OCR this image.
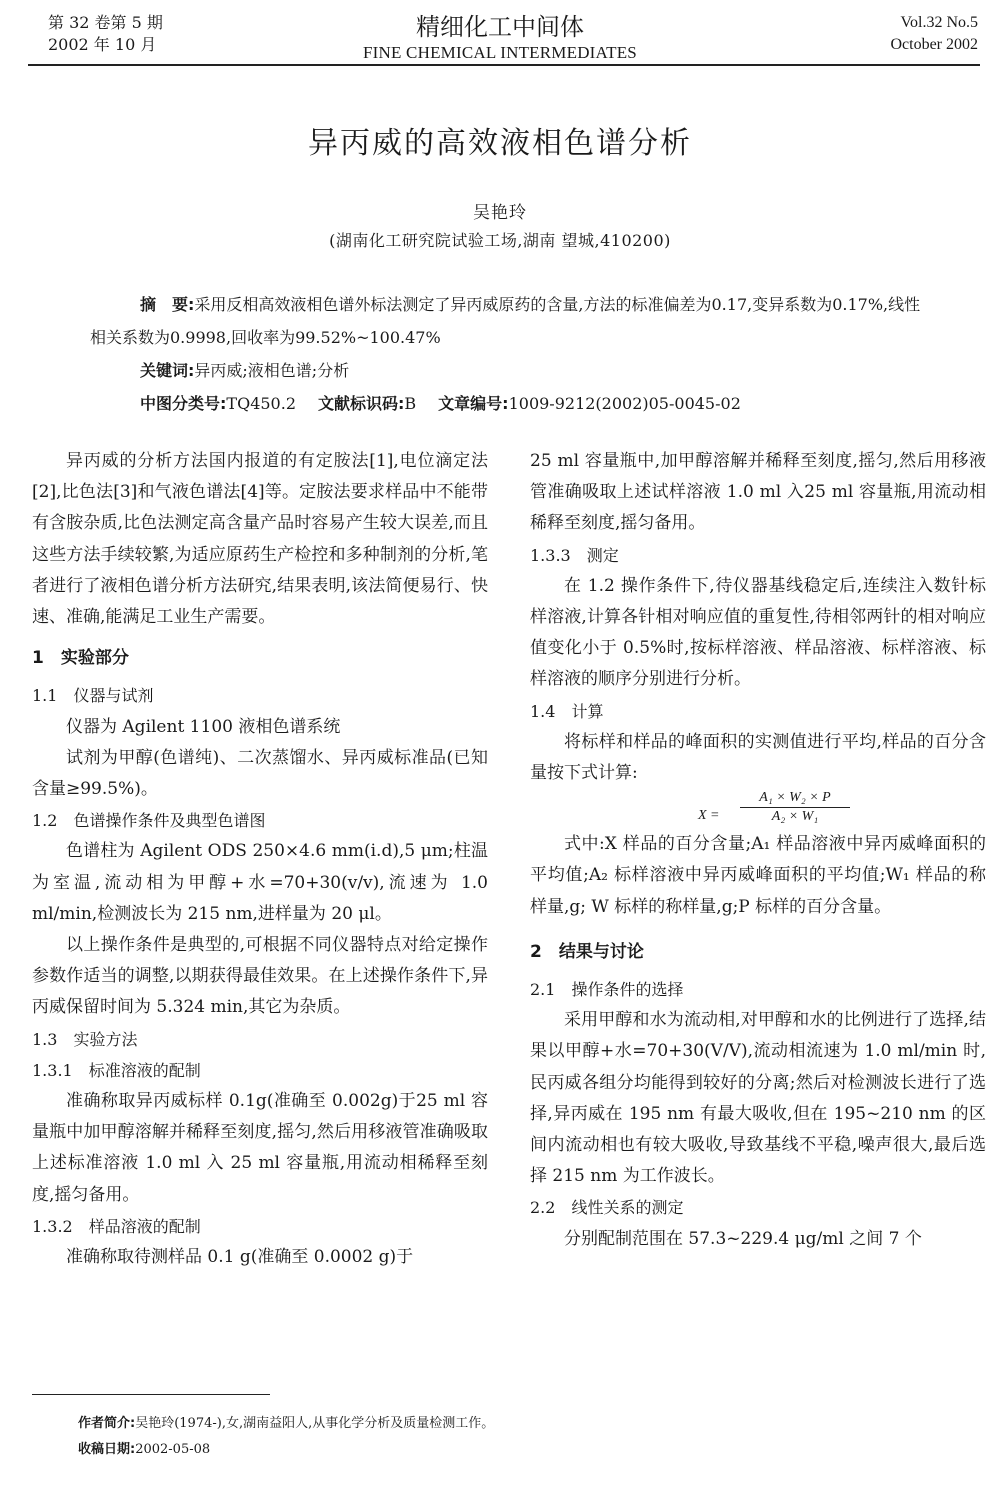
第 32 卷第 5 期
2002 年 10 月
精细化工中间体
FINE CHEMICAL INTERMEDIATES
Vol.32 No.5
October 2002
异丙威的高效液相色谱分析
吴艳玲
(湖南化工研究院试验工场,湖南 望城,410200)
摘　要:采用反相高效液相色谱外标法测定了异丙威原药的含量,方法的标准偏差为0.17,变异系数为0.17%,线性相关系数为0.9998,回收率为99.52%~100.47%
关键词:异丙威;液相色谱;分析
中图分类号:TQ450.2 文献标识码:B 文章编号:1009-9212(2002)05-0045-02

异丙威的分析方法国内报道的有定胺法[1],电位滴定法[2],比色法[3]和气液色谱法[4]等。定胺法要求样品中不能带有含胺杂质,比色法测定高含量产品时容易产生较大误差,而且这些方法手续较繁,为适应原药生产检控和多种制剂的分析,笔者进行了液相色谱分析方法研究,结果表明,该法简便易行、快速、准确,能满足工业生产需要。

1　实验部分

1.1　仪器与试剂

仪器为 Agilent 1100 液相色谱系统

试剂为甲醇(色谱纯)、二次蒸馏水、异丙威标准品(已知含量≥99.5%)。

1.2　色谱操作条件及典型色谱图

色谱柱为 Agilent ODS 250×4.6 mm(i.d),5 μm;柱温为室温,流动相为甲醇+水=70+30(v/v),流速为 1.0 ml/min,检测波长为 215 nm,进样量为 20 μl。

以上操作条件是典型的,可根据不同仪器特点对给定操作参数作适当的调整,以期获得最佳效果。在上述操作条件下,异丙威保留时间为 5.324 min,其它为杂质。

1.3　实验方法

1.3.1　标准溶液的配制

准确称取异丙威标样 0.1g(准确至 0.002g)于25 ml 容量瓶中加甲醇溶解并稀释至刻度,摇匀,然后用移液管准确吸取上述标准溶液 1.0 ml 入 25 ml 容量瓶,用流动相稀释至刻度,摇匀备用。

1.3.2　样品溶液的配制

准确称取待测样品 0.1 g(准确至 0.0002 g)于

25 ml 容量瓶中,加甲醇溶解并稀释至刻度,摇匀,然后用移液管准确吸取上述试样溶液 1.0 ml 入25 ml 容量瓶,用流动相稀释至刻度,摇匀备用。

1.3.3　测定

在 1.2 操作条件下,待仪器基线稳定后,连续注入数针标样溶液,计算各针相对响应值的重复性,待相邻两针的相对响应值变化小于 0.5%时,按标样溶液、样品溶液、标样溶液、标样溶液的顺序分别进行分析。

1.4　计算

将标样和样品的峰面积的实测值进行平均,样品的百分含量按下式计算:

$X = \frac{\text{A₁ × W₂ × P}}{\text{A₂ × W₁}}$

式中:X 样品的百分含量;A₁ 样品溶液中异丙威峰面积的平均值;A₂ 标样溶液中异丙威峰面积的平均值;W₁ 样品的称样量,g; W 标样的称样量,g;P 标样的百分含量。

2　结果与讨论

2.1　操作条件的选择

采用甲醇和水为流动相,对甲醇和水的比例进行了选择,结果以甲醇+水=70+30(V/V),流动相流速为 1.0 ml/min 时,民丙威各组分均能得到较好的分离;然后对检测波长进行了选择,异丙威在 195 nm 有最大吸收,但在 195~210 nm 的区间内流动相也有较大吸收,导致基线不平稳,噪声很大,最后选择 215 nm 为工作波长。

2.2　线性关系的测定

分别配制范围在 57.3~229.4 μg/ml 之间 7 个

作者简介:吴艳玲(1974-),女,湖南益阳人,从事化学分析及质量检测工作。
收稿日期:2002-05-08
